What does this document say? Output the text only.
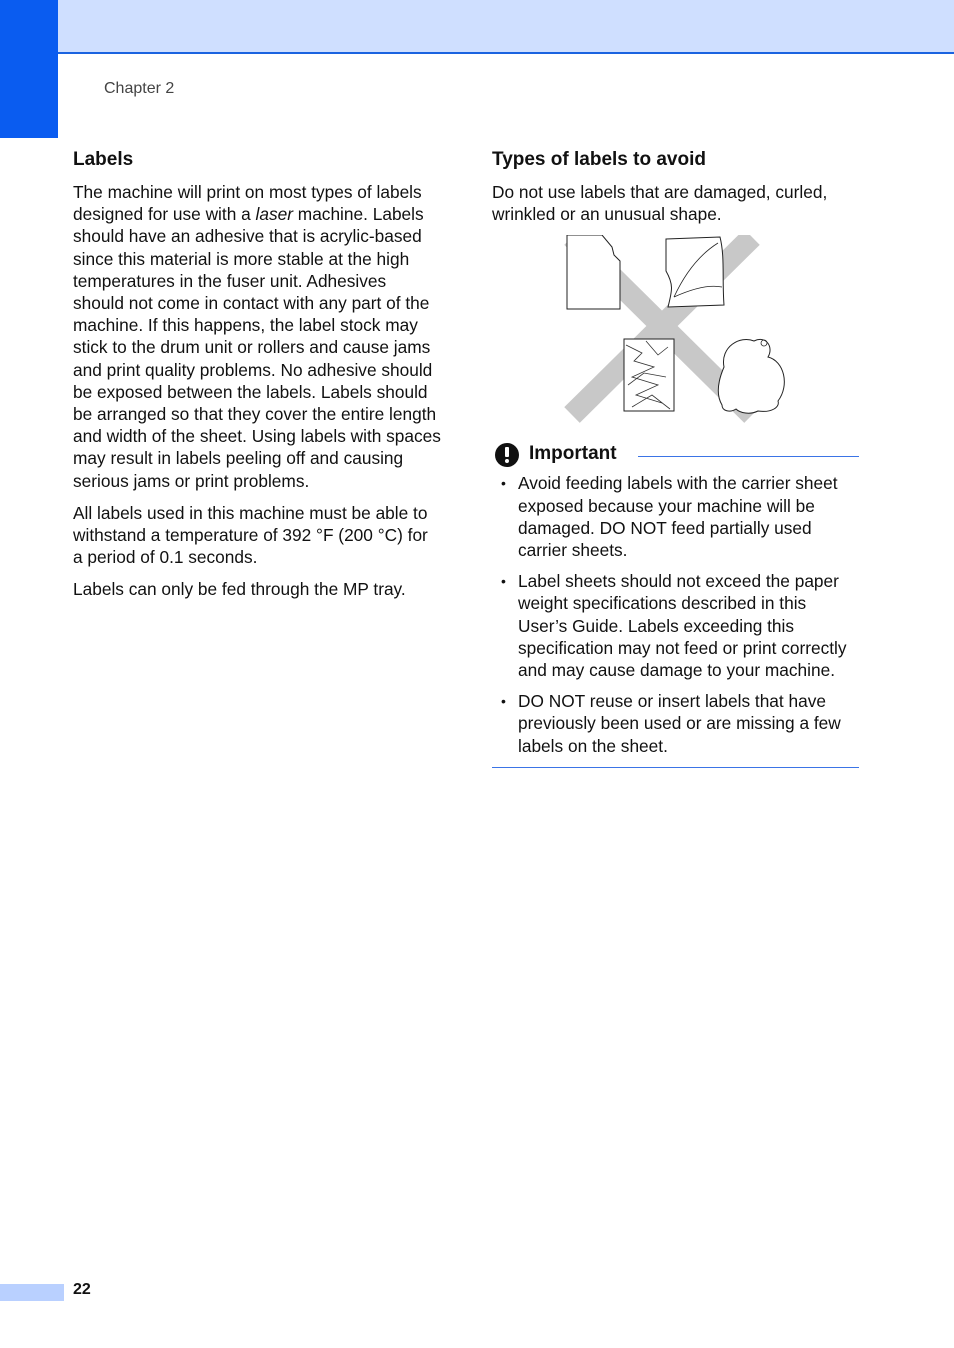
Chapter 2
Labels

The machine will print on most types of labels designed for use with a laser machine. Labels should have an adhesive that is acrylic-based since this material is more stable at the high temperatures in the fuser unit. Adhesives should not come in contact with any part of the machine. If this happens, the label stock may stick to the drum unit or rollers and cause jams and print quality problems. No adhesive should be exposed between the labels. Labels should be arranged so that they cover the entire length and width of the sheet. Using labels with spaces may result in labels peeling off and causing serious jams or print problems.

All labels used in this machine must be able to withstand a temperature of 392 °F (200 °C) for a period of 0.1 seconds.

Labels can only be fed through the MP tray.

Types of labels to avoid

Do not use labels that are damaged, curled, wrinkled or an unusual shape.

Important
• Avoid feeding labels with the carrier sheet exposed because your machine will be damaged. DO NOT feed partially used carrier sheets.
• Label sheets should not exceed the paper weight specifications described in this User’s Guide. Labels exceeding this specification may not feed or print correctly and may cause damage to your machine.
• DO NOT reuse or insert labels that have previously been used or are missing a few labels on the sheet.
22
